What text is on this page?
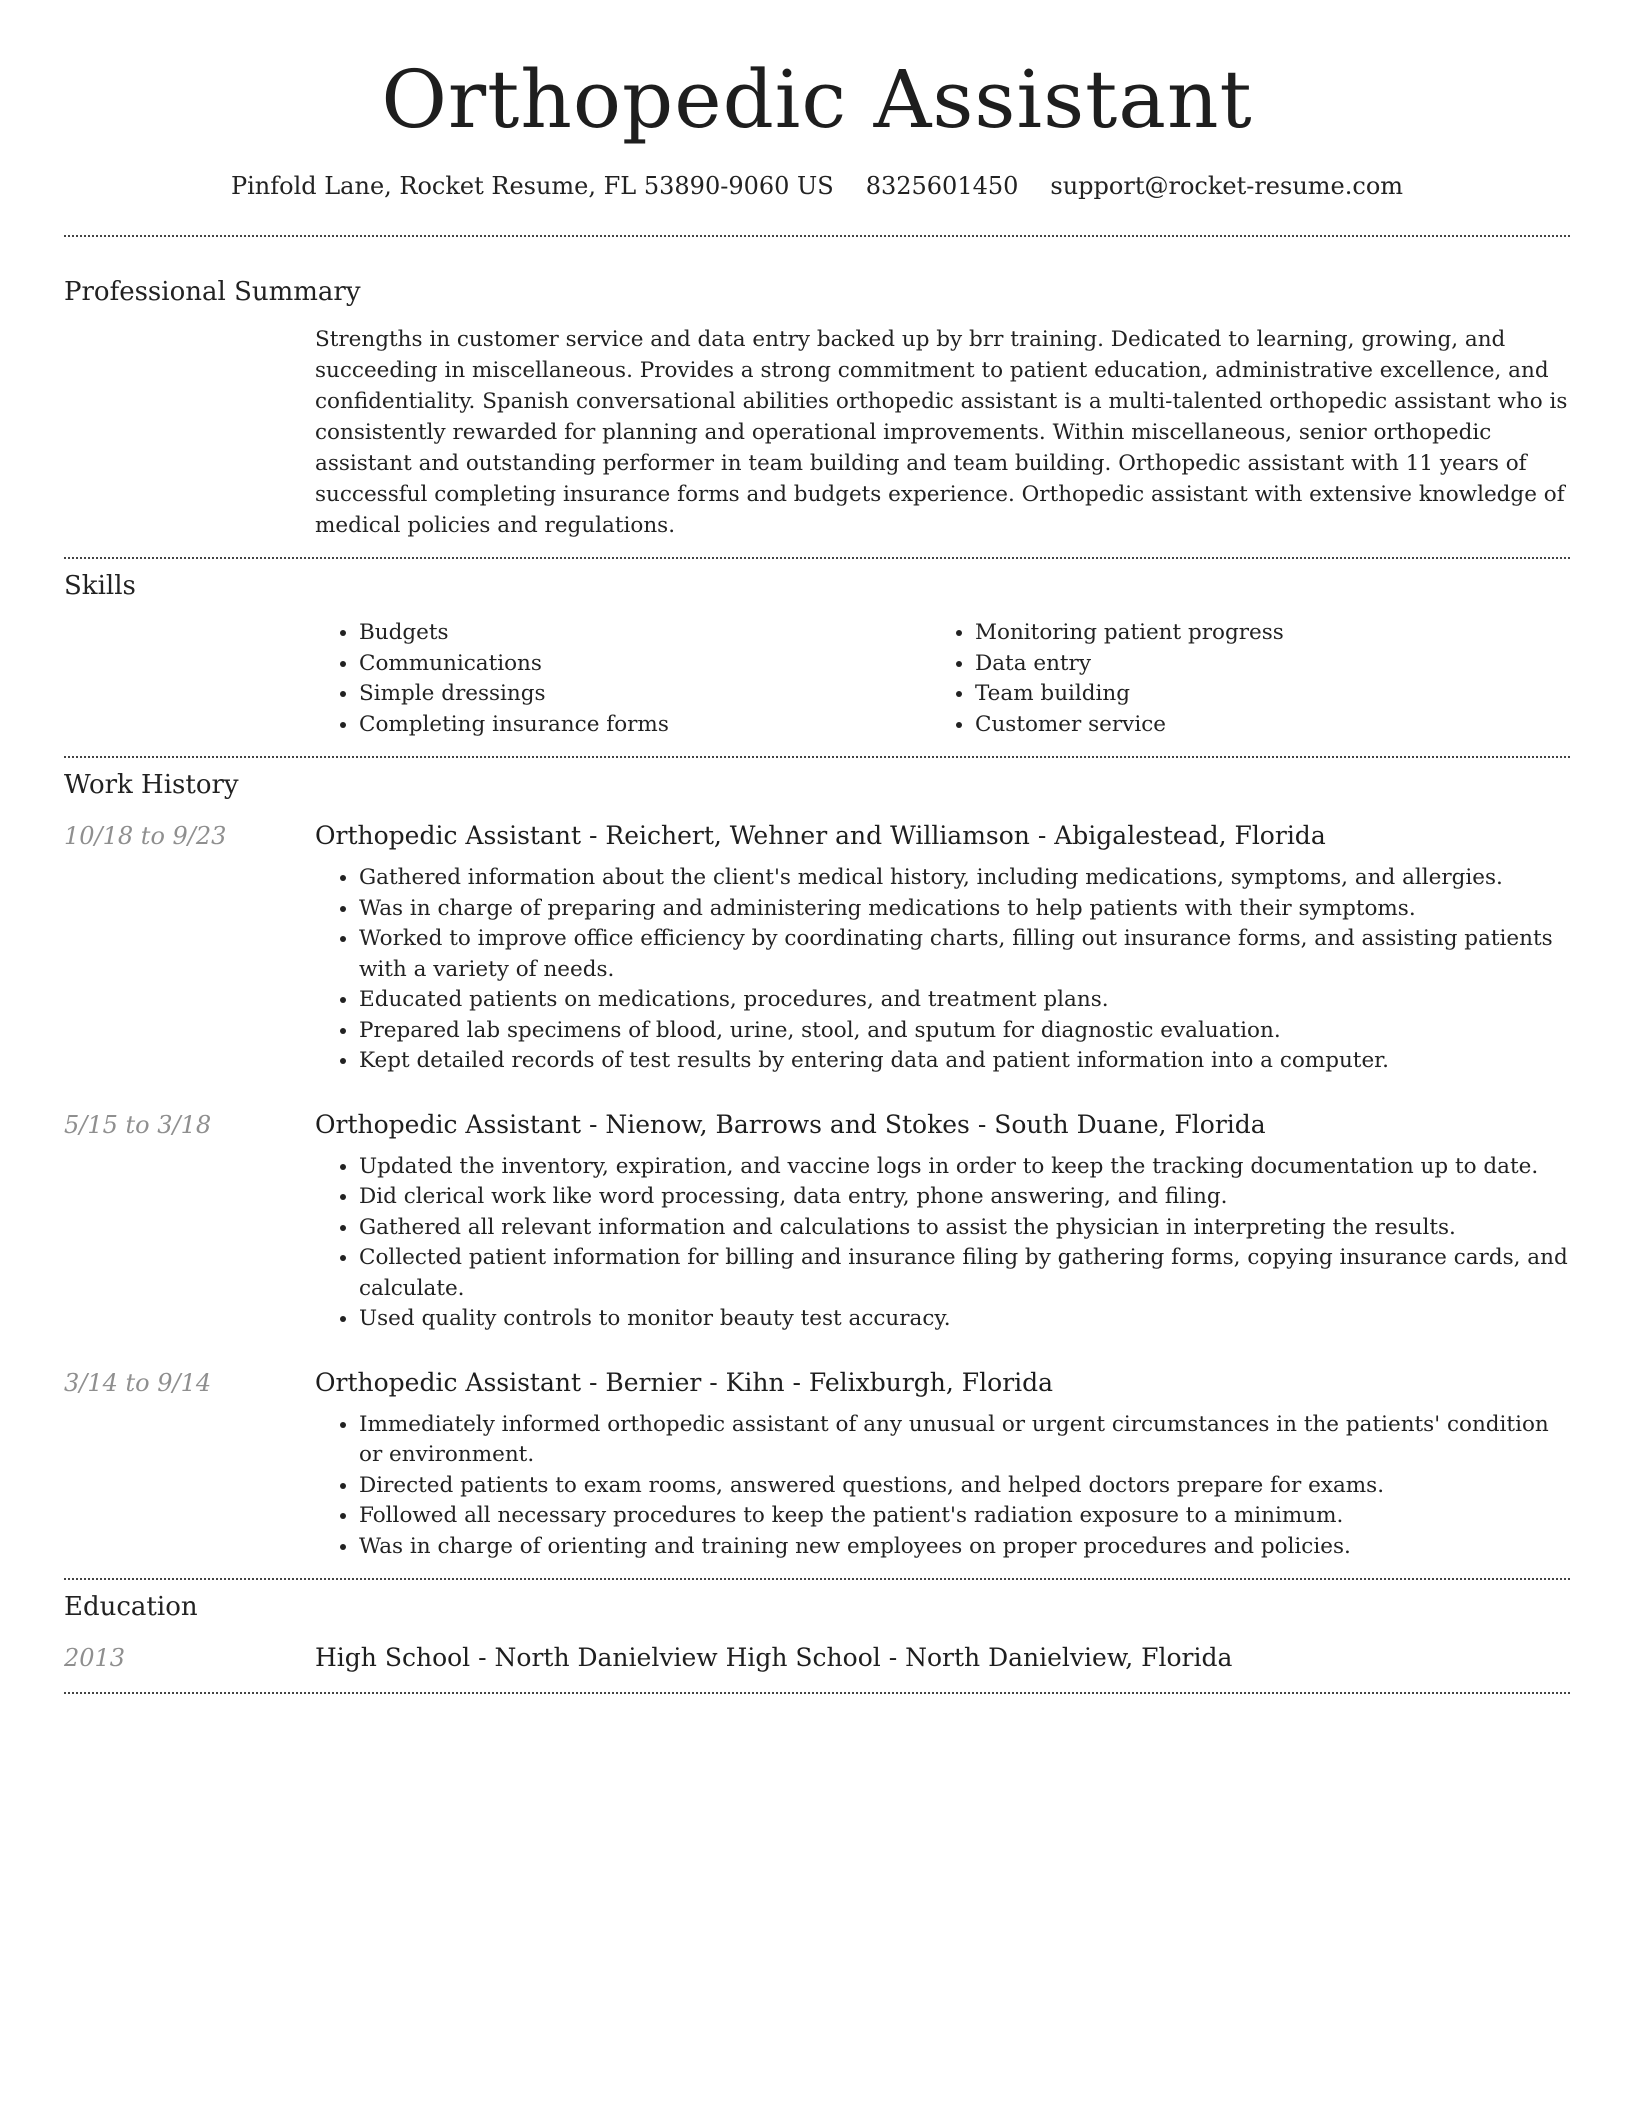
Orthopedic Assistant
Pinfold Lane, Rocket Resume, FL 53890-9060 US 8325601450 support@rocket-resume.com
Professional Summary
Strengths in customer service and data entry backed up by brr training. Dedicated to learning, growing, and succeeding in miscellaneous. Provides a strong commitment to patient education, administrative excellence, and confidentiality. Spanish conversational abilities orthopedic assistant is a multi-talented orthopedic assistant who is consistently rewarded for planning and operational improvements. Within miscellaneous, senior orthopedic assistant and outstanding performer in team building and team building. Orthopedic assistant with 11 years of successful completing insurance forms and budgets experience. Orthopedic assistant with extensive knowledge of medical policies and regulations.
Skills
• Budgets
• Communications
• Simple dressings
• Completing insurance forms
• Monitoring patient progress
• Data entry
• Team building
• Customer service
Work History
10/18 to 9/23	Orthopedic Assistant - Reichert, Wehner and Williamson - Abigalestead, Florida
• Gathered information about the client's medical history, including medications, symptoms, and allergies.
• Was in charge of preparing and administering medications to help patients with their symptoms.
• Worked to improve office efficiency by coordinating charts, filling out insurance forms, and assisting patients with a variety of needs.
• Educated patients on medications, procedures, and treatment plans.
• Prepared lab specimens of blood, urine, stool, and sputum for diagnostic evaluation.
• Kept detailed records of test results by entering data and patient information into a computer.
5/15 to 3/18	Orthopedic Assistant - Nienow, Barrows and Stokes - South Duane, Florida
• Updated the inventory, expiration, and vaccine logs in order to keep the tracking documentation up to date.
• Did clerical work like word processing, data entry, phone answering, and filing.
• Gathered all relevant information and calculations to assist the physician in interpreting the results.
• Collected patient information for billing and insurance filing by gathering forms, copying insurance cards, and calculate.
• Used quality controls to monitor beauty test accuracy.
3/14 to 9/14	Orthopedic Assistant - Bernier - Kihn - Felixburgh, Florida
• Immediately informed orthopedic assistant of any unusual or urgent circumstances in the patients' condition or environment.
• Directed patients to exam rooms, answered questions, and helped doctors prepare for exams.
• Followed all necessary procedures to keep the patient's radiation exposure to a minimum.
• Was in charge of orienting and training new employees on proper procedures and policies.
Education
2013	High School - North Danielview High School - North Danielview, Florida
